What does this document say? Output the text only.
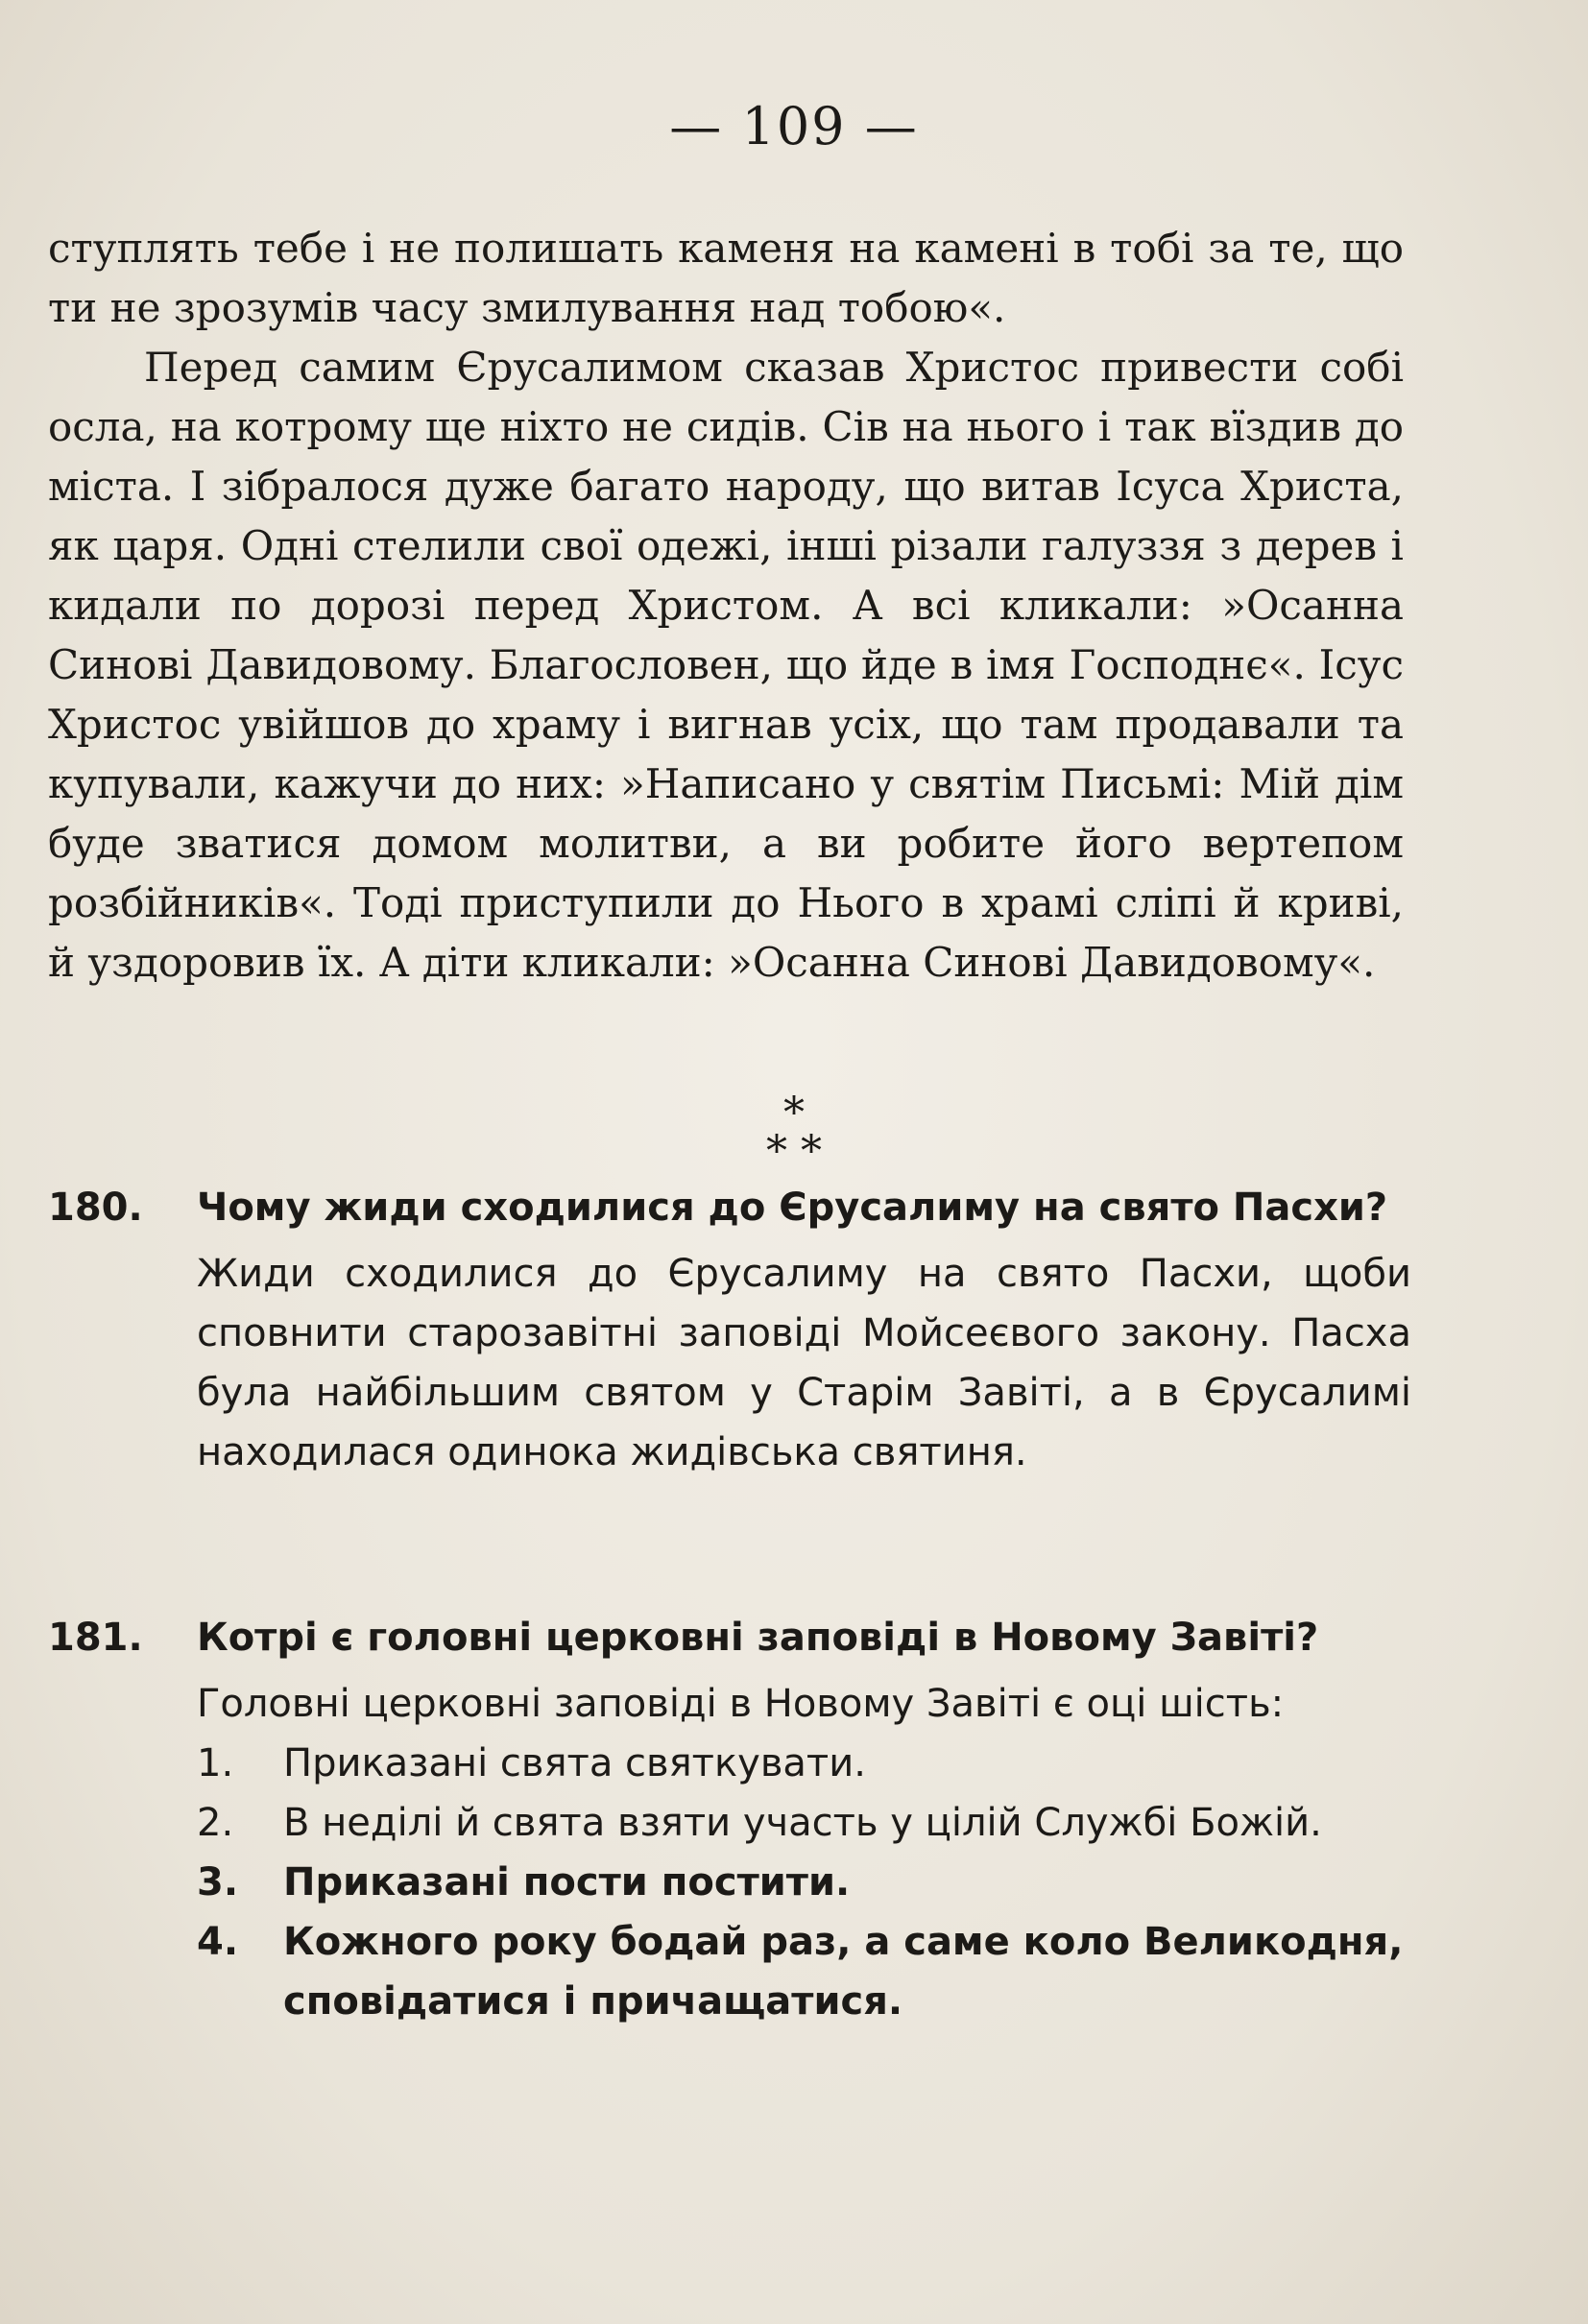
— 109 —

ступлять тебе і не полишать каменя на камені в тобі за те, що ти не зрозумів часу змилування над тобою«.

Перед самим Єрусалимом сказав Христос привести собі осла, на котрому ще ніхто не сидів. Сів на нього і так вїздив до міста. І зібралося дуже багато народу, що витав Ісуса Христа, як царя. Одні стелили свої одежі, інші різали галуззя з дерев і кидали по дорозі перед Христом. А всі кликали: »Осанна Синові Давидовому. Благословен, що йде в імя Господнє«. Ісус Христос увійшов до храму і вигнав усіх, що там продавали та купували, кажучи до них: »Написано у святім Письмі: Мій дім буде зватися домом молитви, а ви робите його вертепом розбійників«. Тоді приступили до Нього в храмі сліпі й криві, й уздоровив їх. А діти кликали: »Осанна Синові Давидовому«.

*
* *
180.	Чому жиди сходилися до Єрусалиму на свято Пасхи?
Жиди сходилися до Єрусалиму на свято Пасхи, щоби сповнити старозавітні заповіді Мойсеєвого закону. Пасха була найбільшим святом у Старім Завіті, а в Єрусалимі находилася одинока жидівська святиня.
181.	Котрі є головні церковні заповіді в Новому Завіті?
Головні церковні заповіді в Новому Завіті є оці шість:
1. Приказані свята святкувати.
2. В неділі й свята взяти участь у цілій Службі Божій.
3. Приказані пости постити.
4. Кожного року бодай раз, а саме коло Великодня, сповідатися і причащатися.
